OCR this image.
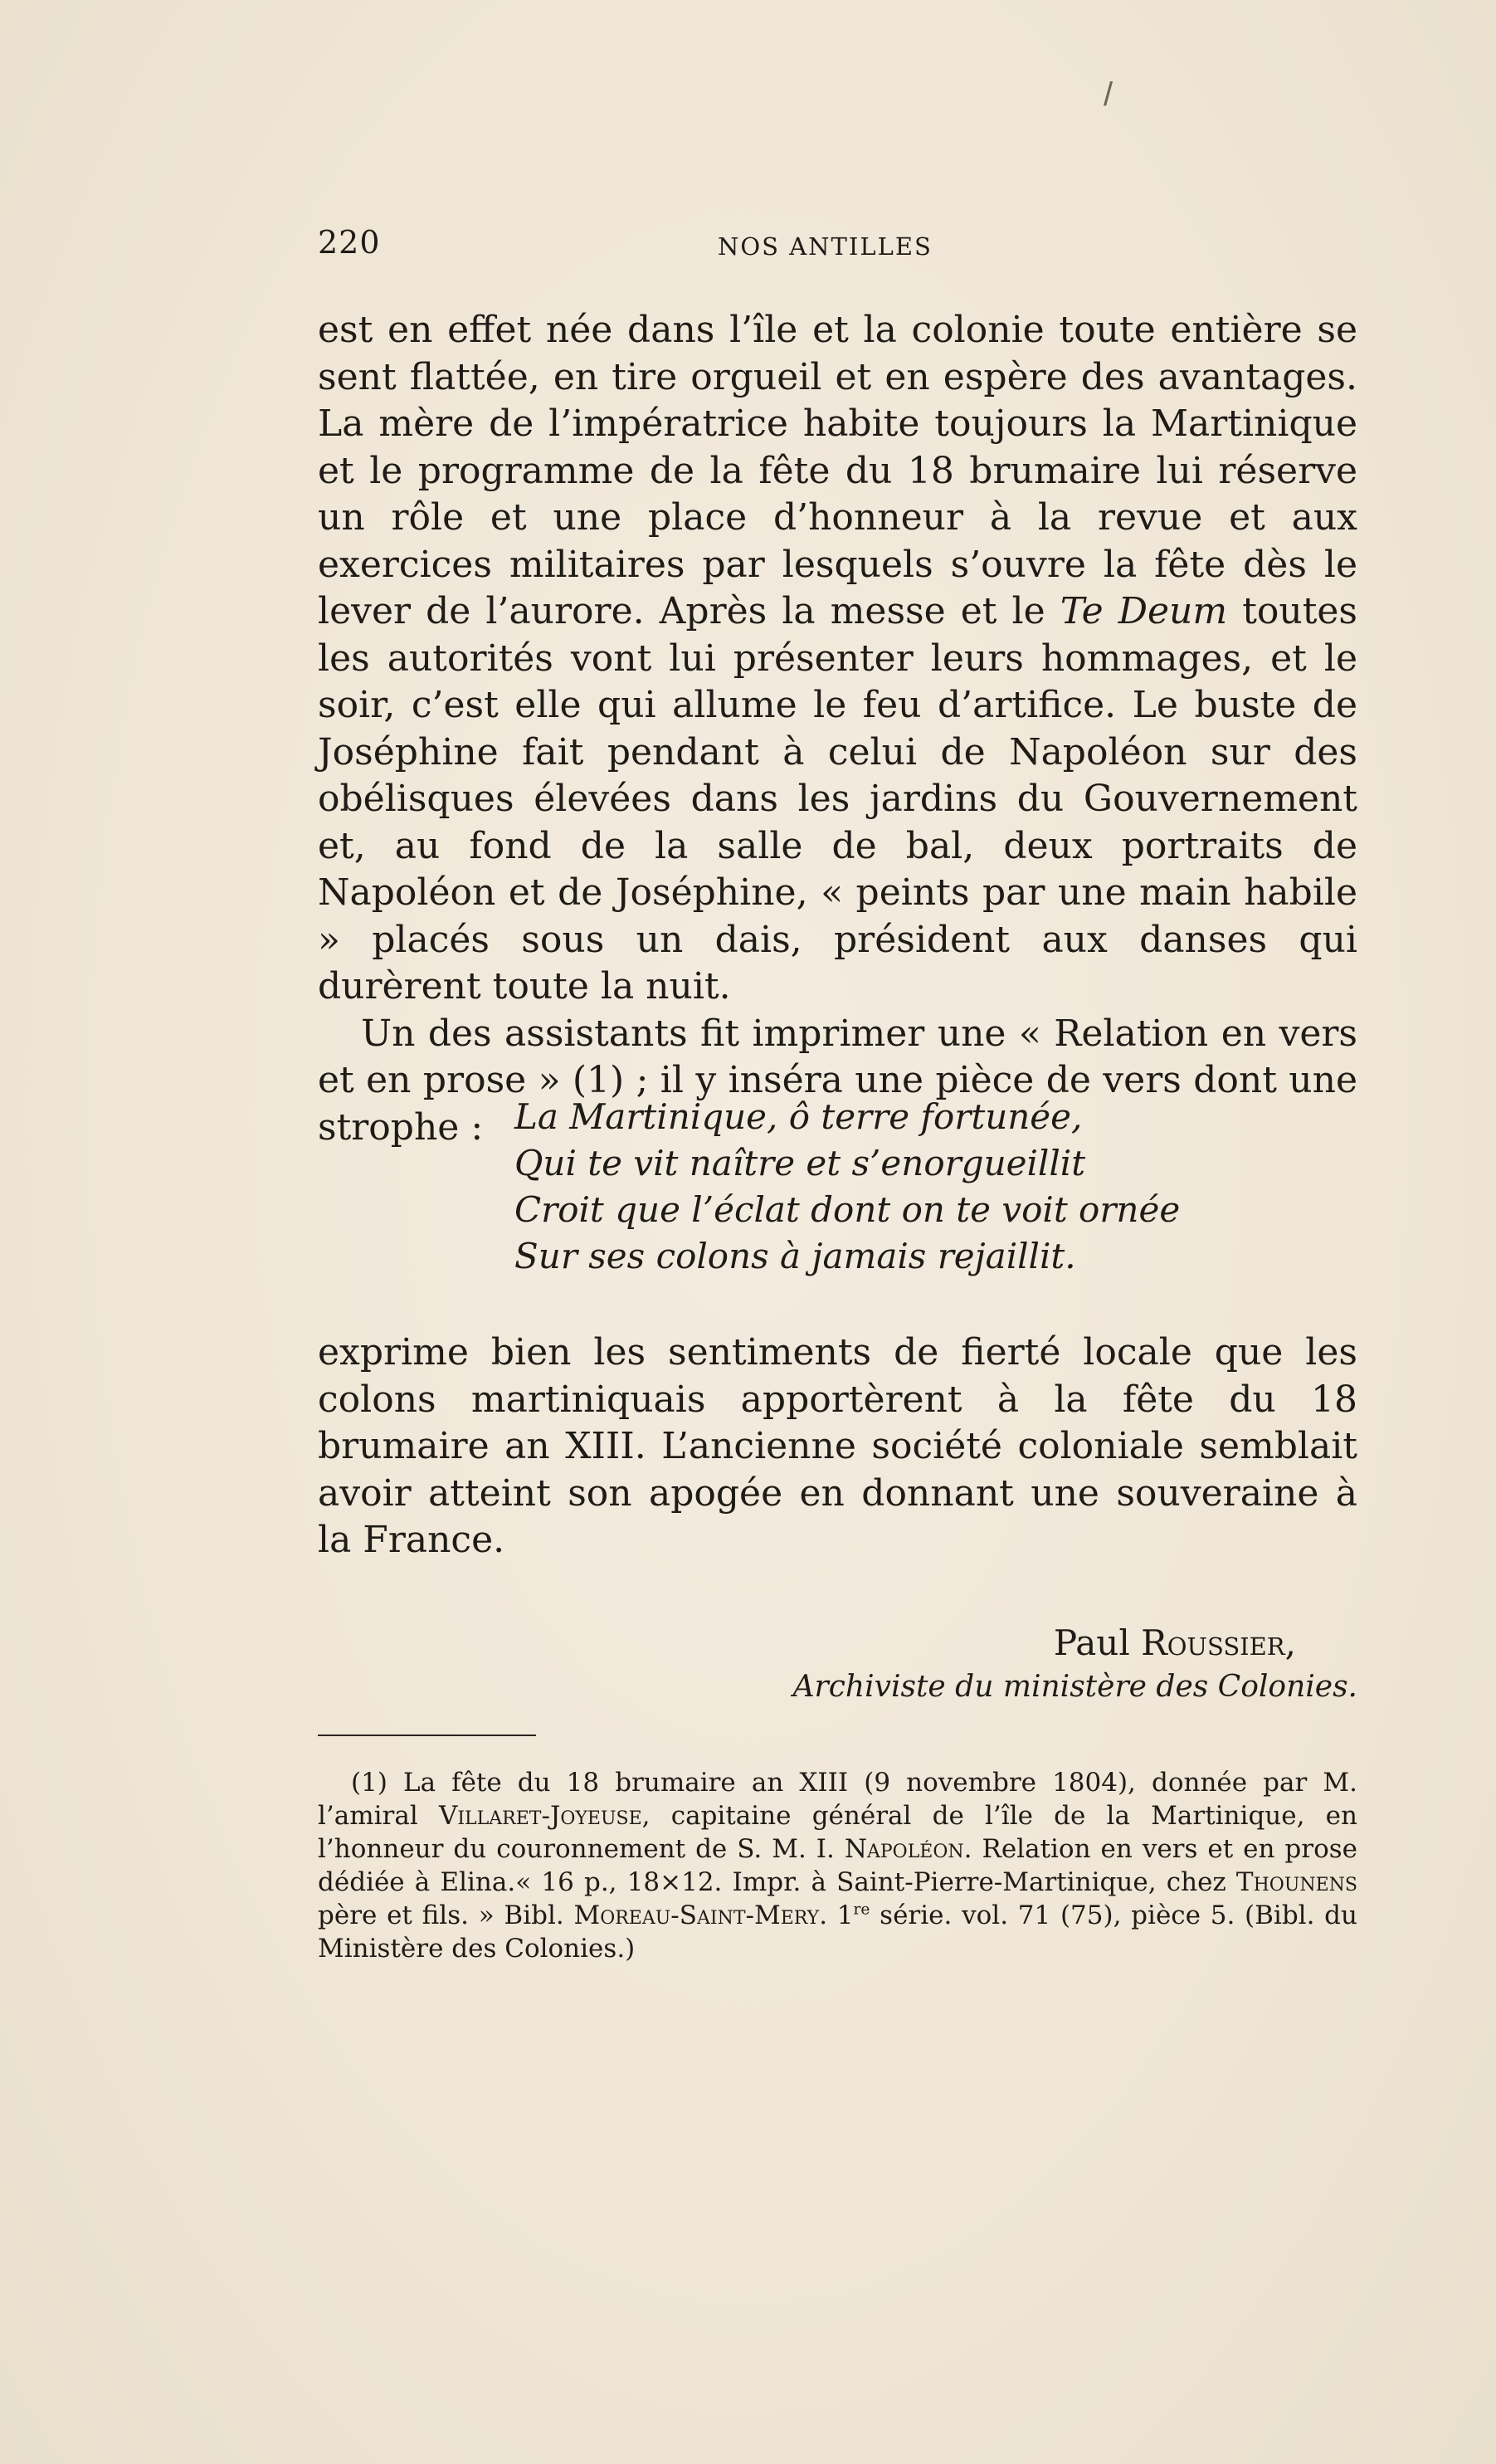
/
220	NOS ANTILLES

est en effet née dans l’île et la colonie toute entière se sent flattée, en tire orgueil et en espère des avantages. La mère de l’impératrice habite toujours la Martinique et le programme de la fête du 18 brumaire lui réserve un rôle et une place d’honneur à la revue et aux exercices militaires par lesquels s’ouvre la fête dès le lever de l’aurore. Après la messe et le Te Deum toutes les autorités vont lui présenter leurs hommages, et le soir, c’est elle qui allume le feu d’artifice. Le buste de Joséphine fait pendant à celui de Napoléon sur des obélisques élevées dans les jardins du Gouvernement et, au fond de la salle de bal, deux portraits de Napoléon et de Joséphine, « peints par une main habile » placés sous un dais, président aux danses qui durèrent toute la nuit.

Un des assistants fit imprimer une « Relation en vers et en prose » (1) ; il y inséra une pièce de vers dont une strophe : La Martinique, ô terre fortunée,
Qui te vit naître et s’enorgueillit
Croit que l’éclat dont on te voit ornée
Sur ses colons à jamais rejaillit.
exprime bien les sentiments de fierté locale que les colons martiniquais apportèrent à la fête du 18 brumaire an XIII. L’ancienne société coloniale semblait avoir atteint son apogée en donnant une souveraine à la France.
Paul Roussier,
Archiviste du ministère des Colonies.
(1) La fête du 18 brumaire an XIII (9 novembre 1804), donnée par M. l’amiral Villaret-Joyeuse, capitaine général de l’île de la Martinique, en l’honneur du couronnement de S. M. I. Napoléon. Relation en vers et en prose dédiée à Elina.« 16 p., 18×12. Impr. à Saint-Pierre-Martinique, chez Thounens père et fils. » Bibl. Moreau-Saint-Mery. 1re série. vol. 71 (75), pièce 5. (Bibl. du Ministère des Colonies.)
